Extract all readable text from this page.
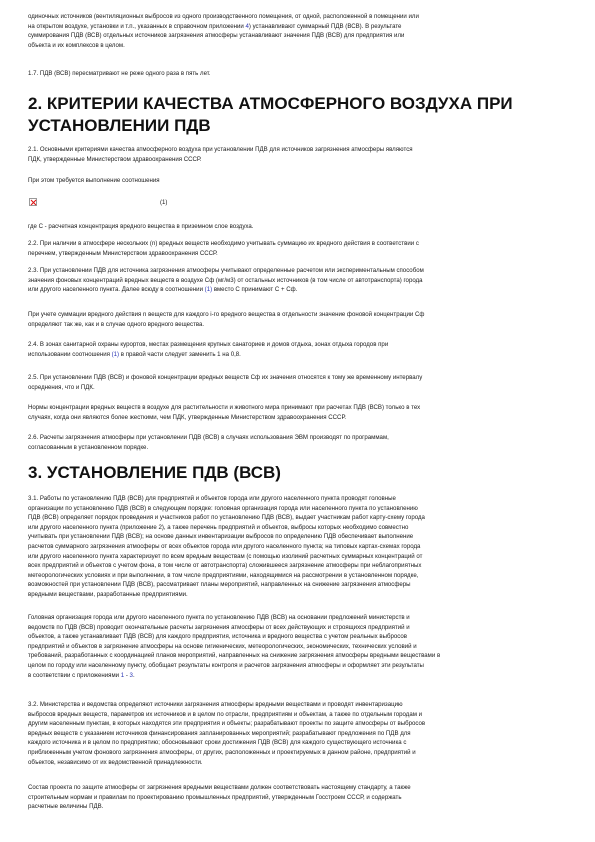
одиночных источников (вентиляционных выбросов из одного производственного помещения, от одной, расположенной в помещении или
на открытом воздухе, установки и т.п., указанных в справочном приложении 4) устанавливают суммарный ПДВ (ВСВ). В результате
суммирования ПДВ (ВСВ) отдельных источников загрязнения атмосферы устанавливают значения ПДВ (ВСВ) для предприятия или
объекта и их комплексов в целом.

1.7. ПДВ (ВСВ) пересматривают не реже одного раза в пять лет.

2. КРИТЕРИИ КАЧЕСТВА АТМОСФЕРНОГО ВОЗДУХА ПРИ
УСТАНОВЛЕНИИ ПДВ

2.1. Основными критериями качества атмосферного воздуха при установлении ПДВ для источников загрязнения атмосферы являются
ПДК, утвержденные Министерством здравоохранения СССР.

При этом требуется выполнение соотношения

(1)

где С - расчетная концентрация вредного вещества в приземном слое воздуха.

2.2. При наличии в атмосфере нескольких (n) вредных веществ необходимо учитывать суммацию их вредного действия в соответствии с
перечнем, утвержденным Министерством здравоохранения СССР.

2.3. При установлении ПДВ для источника загрязнения атмосферы учитывают определенные расчетом или экспериментальным способом
значения фоновых концентраций вредных веществ в воздухе Сф (мг/м3) от остальных источников (в том числе от автотранспорта) города
или другого населенного пункта. Далее всюду в соотношении (1) вместо С принимают С + Сф.

При учете суммации вредного действия n веществ для каждого i-го вредного вещества в отдельности значение фоновой концентрации Сф
определяют так же, как и в случае одного вредного вещества.

2.4. В зонах санитарной охраны курортов, местах размещения крупных санаториев и домов отдыха, зонах отдыха городов при
использовании соотношения (1) в правой части следует заменить 1 на 0,8.

2.5. При установлении ПДВ (ВСВ) и фоновой концентрации вредных веществ Сф их значения относятся к тому же временному интервалу
осреднения, что и ПДК.

Нормы концентрации вредных веществ в воздухе для растительности и животного мира принимают при расчетах ПДВ (ВСВ) только в тех
случаях, когда они являются более жесткими, чем ПДК, утвержденные Министерством здравоохранения СССР.

2.6. Расчеты загрязнения атмосферы при установлении ПДВ (ВСВ) в случаях использования ЭВМ производят по программам,
согласованным в установленном порядке.

3. УСТАНОВЛЕНИЕ ПДВ (ВСВ)

3.1. Работы по установлению ПДВ (ВСВ) для предприятий и объектов города или другого населенного пункта проводят головные
организации по установлению ПДВ (ВСВ) в следующем порядке: головная организация города или населенного пункта по установлению
ПДВ (ВСВ) определяет порядок проведения и участников работ по установлению ПДВ (ВСВ), выдает участникам работ карту-схему города
или другого населенного пункта (приложение 2), а также перечень предприятий и объектов, выбросы которых необходимо совместно
учитывать при установлении ПДВ (ВСВ); на основе данных инвентаризации выбросов по определению ПДВ обеспечивает выполнение
расчетов суммарного загрязнения атмосферы от всех объектов города или другого населенного пункта; на типовых картах-схемах города
или другого населенного пункта характеризует по всем вредным веществам (с помощью изолиний расчетных суммарных концентраций от
всех предприятий и объектов с учетом фона, в том числе от автотранспорта) сложившееся загрязнение атмосферы при неблагоприятных
метеорологических условиях и при выполнении, в том числе предприятиями, находящимися на рассмотрении в установленном порядке,
возможностей при установлении ПДВ (ВСВ), рассматривает планы мероприятий, направленных на снижение загрязнения атмосферы
вредными веществами, разработанные предприятиями.

Головная организация города или другого населенного пункта по установлению ПДВ (ВСВ) на основании предложений министерств и
ведомств по ПДВ (ВСВ) проводит окончательные расчеты загрязнения атмосферы от всех действующих и строящихся предприятий и
объектов, а также устанавливает ПДВ (ВСВ) для каждого предприятия, источника и вредного вещества с учетом реальных выбросов
предприятий и объектов в загрязнение атмосферы на основе гигиенических, метеорологических, экономических, технических условий и
требований, разработанных с координацией планов мероприятий, направленных на снижение загрязнения атмосферы вредными веществами в
целом по городу или населенному пункту, обобщает результаты контроля и расчетов загрязнения атмосферы и оформляет эти результаты
в соответствии с приложениями 1 - 3.

3.2. Министерства и ведомства определяют источники загрязнения атмосферы вредными веществами и проводят инвентаризацию
выбросов вредных веществ, параметров их источников и в целом по отрасли, предприятиям и объектам, а также по отдельным городам и
другим населенным пунктам, в которых находятся эти предприятия и объекты; разрабатывают проекты по защите атмосферы от выбросов
вредных веществ с указанием источников финансирования запланированных мероприятий; разрабатывают предложения по ПДВ для
каждого источника и в целом по предприятию; обосновывают сроки достижения ПДВ (ВСВ) для каждого существующего источника с
приближенным учетом фонового загрязнения атмосферы, от других, расположенных и проектируемых в данном районе, предприятий и
объектов, независимо от их ведомственной принадлежности.

Состав проекта по защите атмосферы от загрязнения вредными веществами должен соответствовать настоящему стандарту, а также
строительным нормам и правилам по проектированию промышленных предприятий, утвержденным Госстроем СССР, и содержать
расчетные величины ПДВ.
